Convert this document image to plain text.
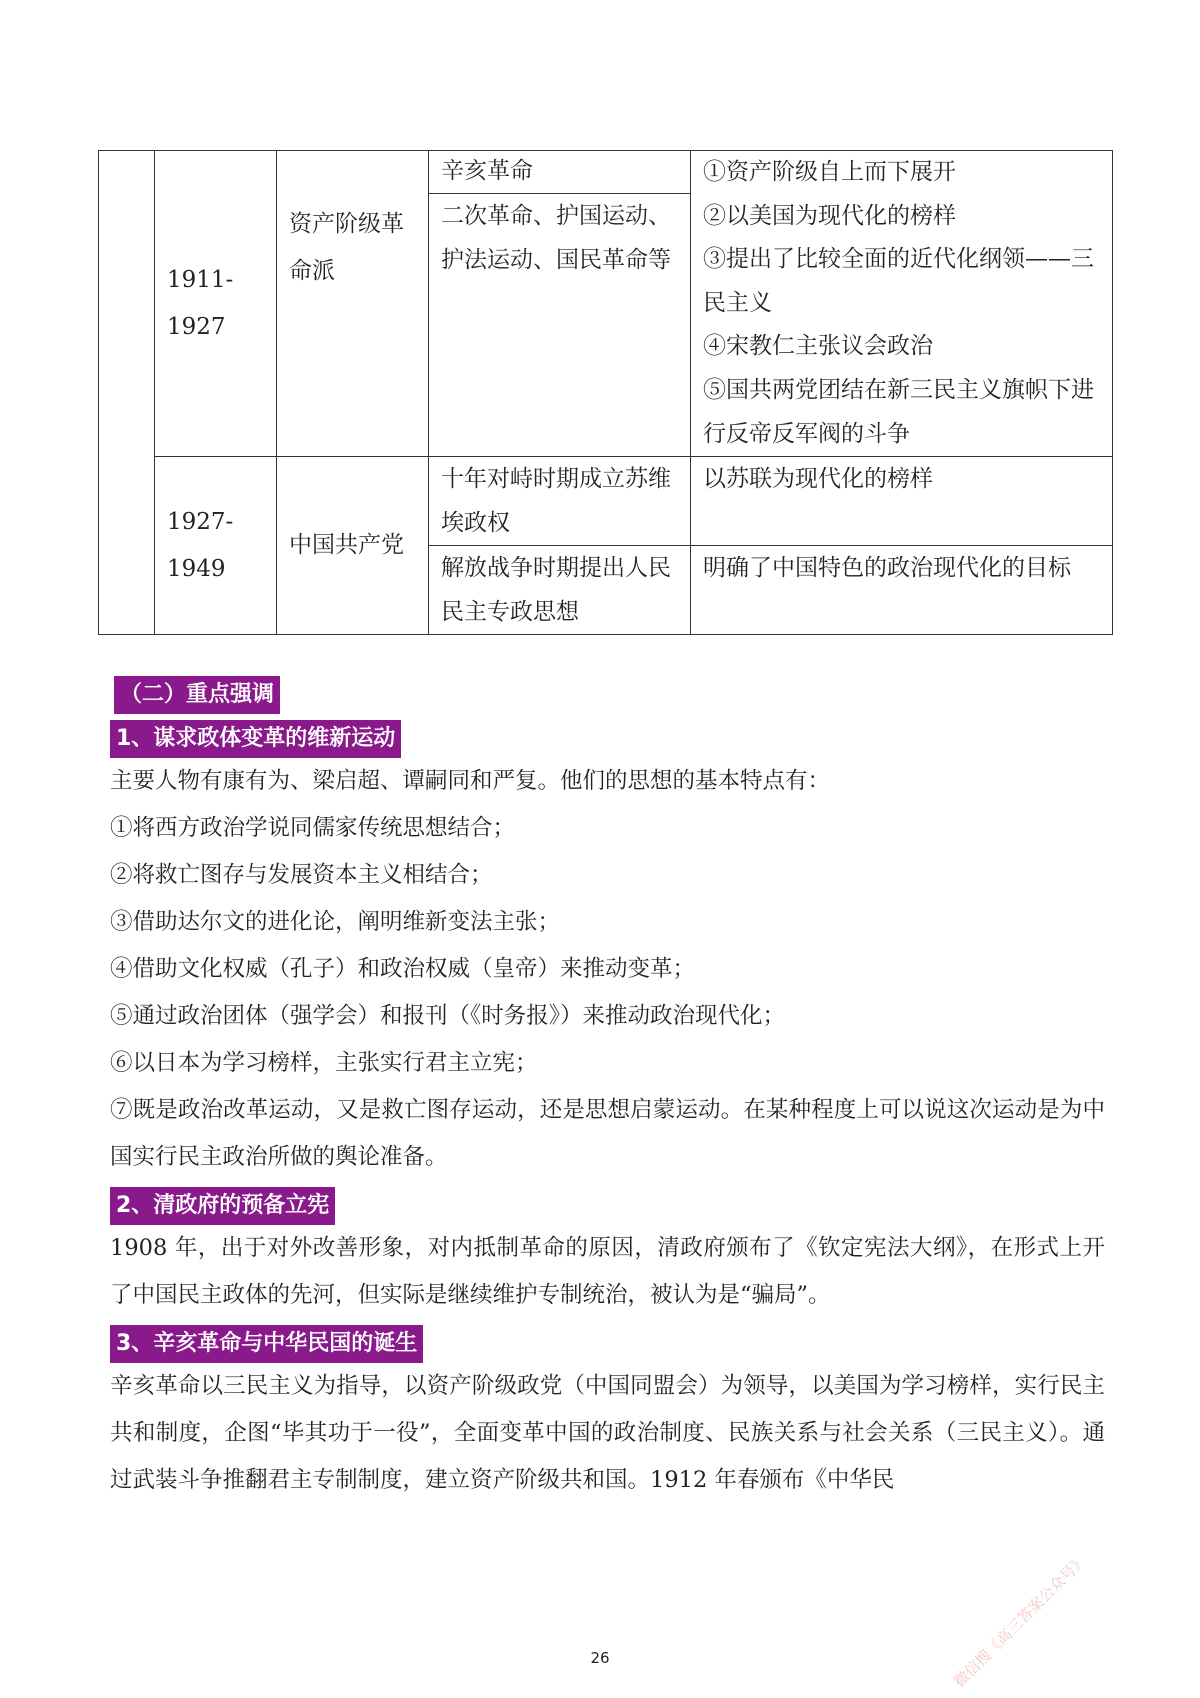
	1911-1927	资产阶级革命派	辛亥革命	①资产阶级自上而下展开
②以美国为现代化的榜样
③提出了比较全面的近代化纲领——三民主义
④宋教仁主张议会政治
⑤国共两党团结在新三民主义旗帜下进行反帝反军阀的斗争

			二次革命、护国运动、护法运动、国民革命等	
	1927-1949	中国共产党	十年对峙时期成立苏维埃政权	以苏联为现代化的榜样
			解放战争时期提出人民民主专政思想	明确了中国特色的政治现代化的目标
（二）重点强调
1、谋求政体变革的维新运动

主要人物有康有为、梁启超、谭嗣同和严复。他们的思想的基本特点有：

①将西方政治学说同儒家传统思想结合；

②将救亡图存与发展资本主义相结合；

③借助达尔文的进化论，阐明维新变法主张；

④借助文化权威（孔子）和政治权威（皇帝）来推动变革；

⑤通过政治团体（强学会）和报刊（《时务报》）来推动政治现代化；

⑥以日本为学习榜样，主张实行君主立宪；

⑦既是政治改革运动，又是救亡图存运动，还是思想启蒙运动。在某种程度上可以说这次运动是为中国实行民主政治所做的舆论准备。

2、清政府的预备立宪

1908 年，出于对外改善形象，对内抵制革命的原因，清政府颁布了《钦定宪法大纲》，在形式上开了中国民主政体的先河，但实际是继续维护专制统治，被认为是“骗局”。

3、辛亥革命与中华民国的诞生

辛亥革命以三民主义为指导，以资产阶级政党（中国同盟会）为领导，以美国为学习榜样，实行民主共和制度，企图“毕其功于一役”，全面变革中国的政治制度、民族关系与社会关系（三民主义）。通过武装斗争推翻君主专制制度，建立资产阶级共和国。1912 年春颁布《中华民

26	微信搜《高三答案公众号》
